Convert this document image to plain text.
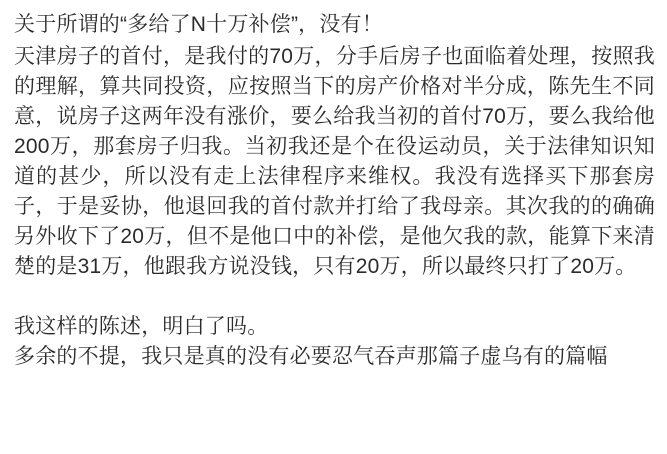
关于所谓的“多给了N十万补偿”，没有！

天津房子的首付，是我付的70万，分手后房子也面临着处理，按照我的理解，算共同投资，应按照当下的房产价格对半分成，陈先生不同意，说房子这两年没有涨价，要么给我当初的首付70万，要么我给他200万，那套房子归我。当初我还是个在役运动员，关于法律知识知道的甚少，所以没有走上法律程序来维权。我没有选择买下那套房子，于是妥协，他退回我的首付款并打给了我母亲。其次我的的确确另外收下了20万，但不是他口中的补偿，是他欠我的款，能算下来清楚的是31万，他跟我方说没钱，只有20万，所以最终只打了20万。

我这样的陈述，明白了吗。

多余的不提，我只是真的没有必要忍气吞声那篇子虚乌有的篇幅
